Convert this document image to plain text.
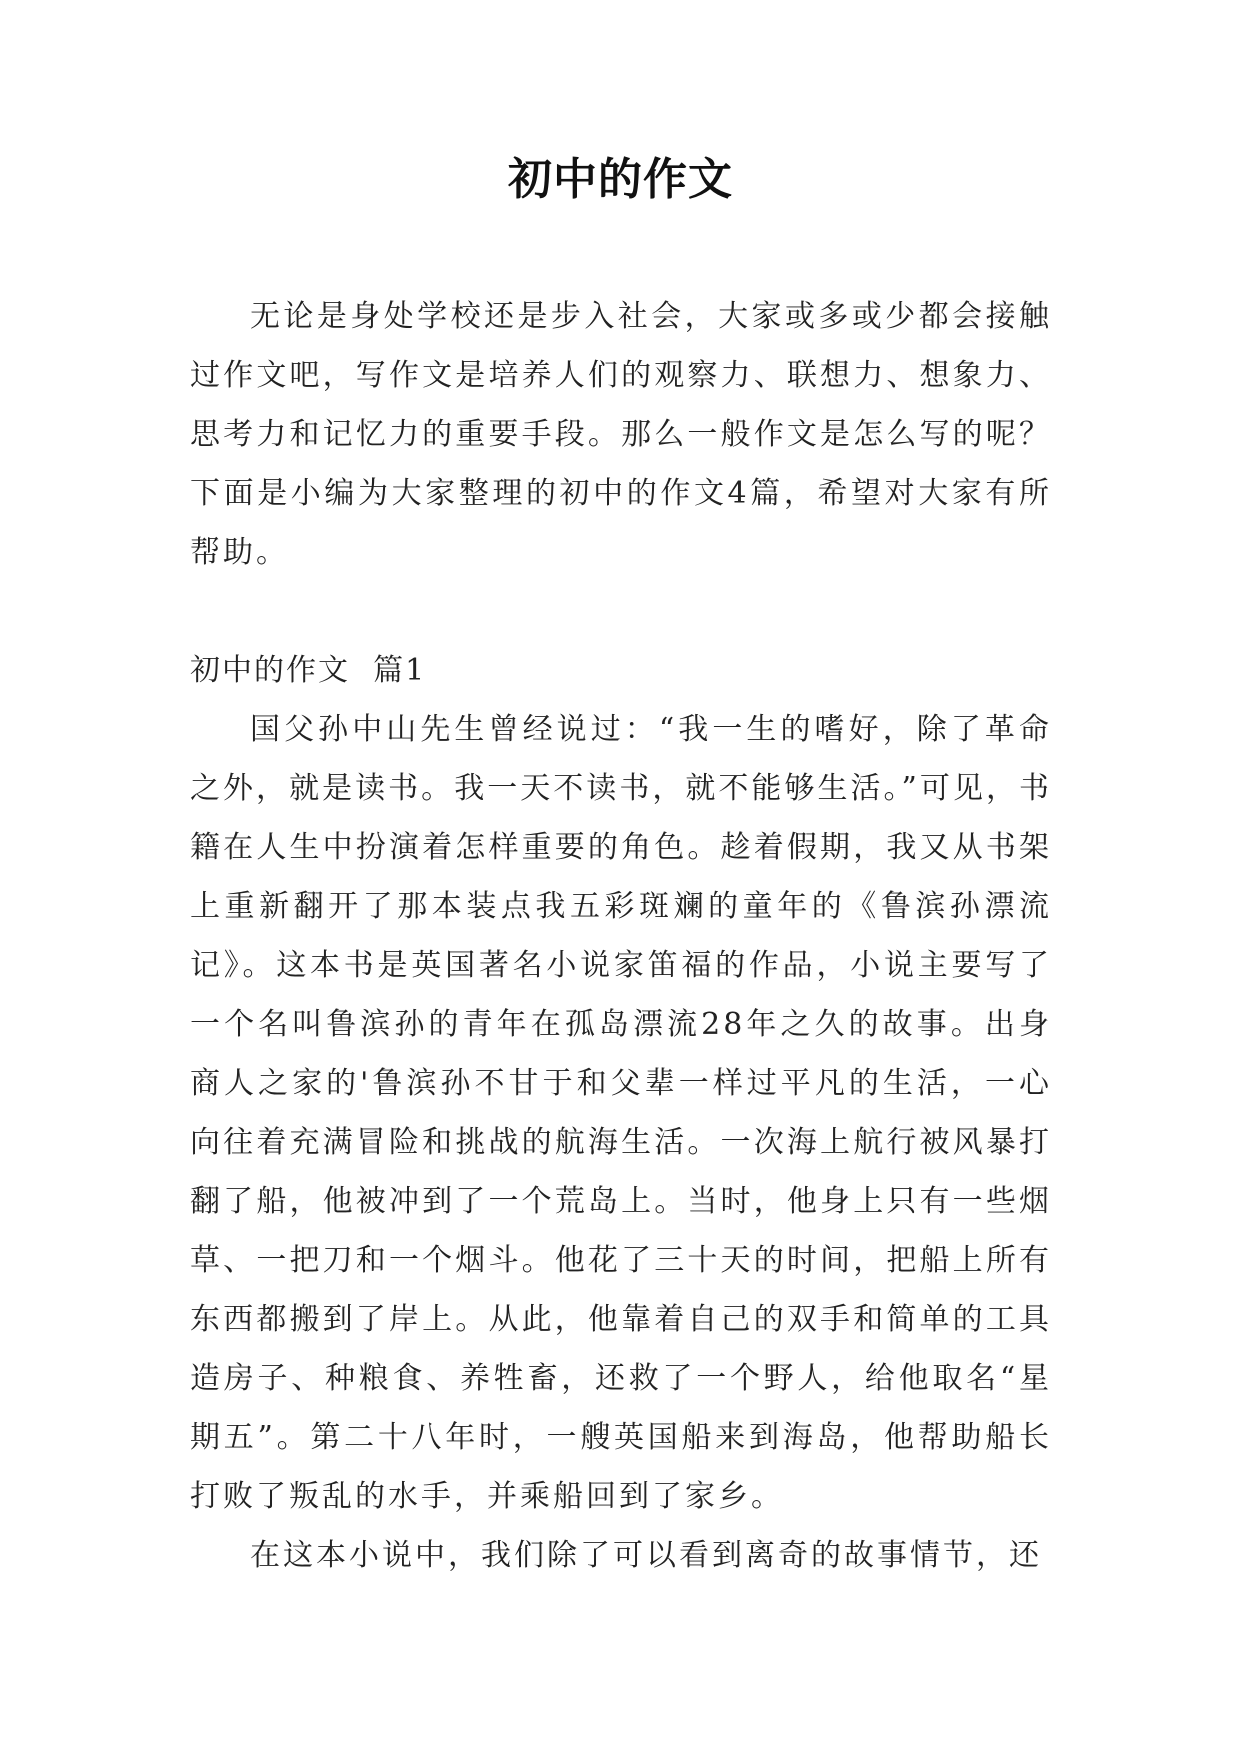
初中的作文

无论是身处学校还是步入社会，大家或多或少都会接触过作文吧，写作文是培养人们的观察力、联想力、想象力、思考力和记忆力的重要手段。那么一般作文是怎么写的呢？下面是小编为大家整理的初中的作文4篇，希望对大家有所帮助。

初中的作文  篇1

国父孙中山先生曾经说过：“我一生的嗜好，除了革命之外，就是读书。我一天不读书，就不能够生活。”可见，书籍在人生中扮演着怎样重要的角色。趁着假期，我又从书架上重新翻开了那本装点我五彩斑斓的童年的《鲁滨孙漂流记》。这本书是英国著名小说家笛福的作品，小说主要写了一个名叫鲁滨孙的青年在孤岛漂流28年之久的故事。出身商人之家的'鲁滨孙不甘于和父辈一样过平凡的生活，一心向往着充满冒险和挑战的航海生活。一次海上航行被风暴打翻了船，他被冲到了一个荒岛上。当时，他身上只有一些烟草、一把刀和一个烟斗。他花了三十天的时间，把船上所有东西都搬到了岸上。从此，他靠着自己的双手和简单的工具造房子、种粮食、养牲畜，还救了一个野人，给他取名“星期五”。第二十八年时，一艘英国船来到海岛，他帮助船长打败了叛乱的水手，并乘船回到了家乡。

在这本小说中，我们除了可以看到离奇的故事情节，还
